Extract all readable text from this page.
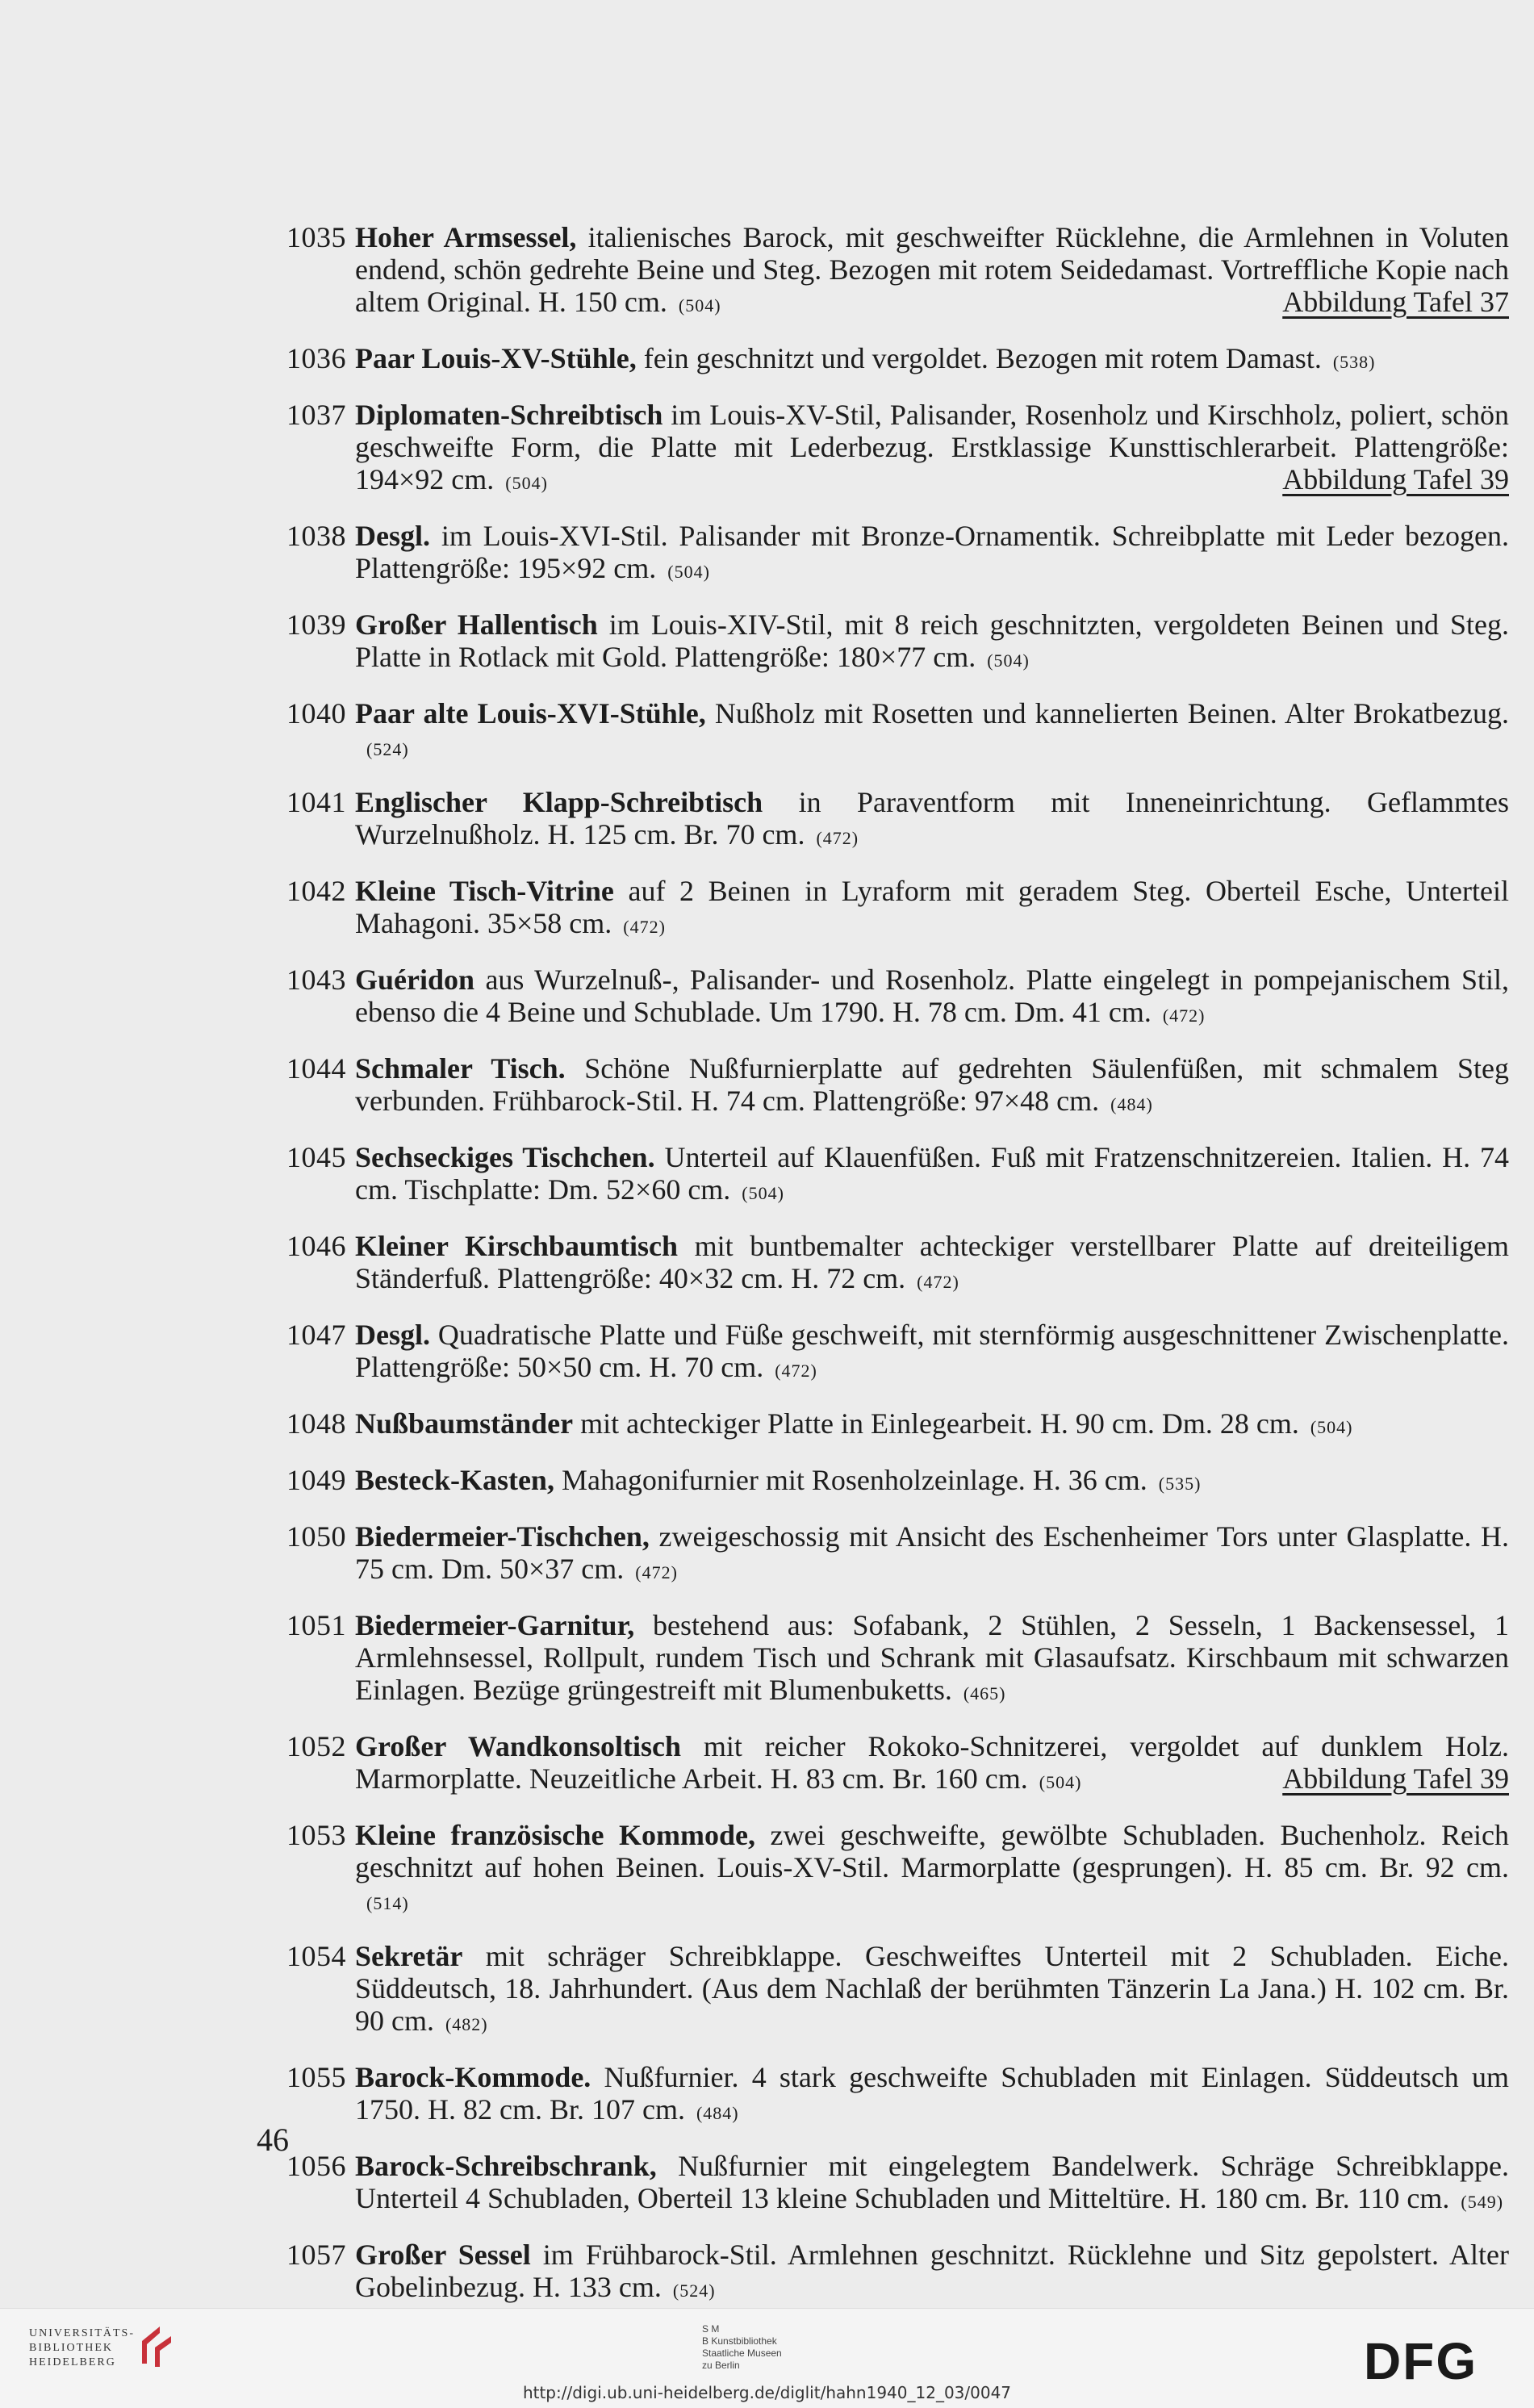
1035 Hoher Armsessel, italienisches Barock, mit geschweifter Rücklehne, die Armlehnen in Voluten endend, schön gedrehte Beine und Steg. Bezogen mit rotem Seidedamast. Vortreffliche Kopie nach altem Original. H. 150 cm. (504)	Abbildung Tafel 37
1036 Paar Louis-XV-Stühle, fein geschnitzt und vergoldet. Bezogen mit rotem Damast. (538)
1037 Diplomaten-Schreibtisch im Louis-XV-Stil, Palisander, Rosenholz und Kirschholz, poliert, schön geschweifte Form, die Platte mit Lederbezug. Erstklassige Kunsttischlerarbeit. Plattengröße: 194×92 cm. (504)	Abbildung Tafel 39
1038 Desgl. im Louis-XVI-Stil. Palisander mit Bronze-Ornamentik. Schreibplatte mit Leder bezogen. Plattengröße: 195×92 cm. (504)
1039 Großer Hallentisch im Louis-XIV-Stil, mit 8 reich geschnitzten, vergoldeten Beinen und Steg. Platte in Rotlack mit Gold. Plattengröße: 180×77 cm. (504)
1040 Paar alte Louis-XVI-Stühle, Nußholz mit Rosetten und kannelierten Beinen. Alter Brokatbezug.(524)
1041 Englischer Klapp-Schreibtisch in Paraventform mit Inneneinrichtung. Geflammtes Wurzelnußholz. H. 125 cm. Br. 70 cm. (472)
1042 Kleine Tisch-Vitrine auf 2 Beinen in Lyraform mit geradem Steg. Oberteil Esche, Unterteil Mahagoni. 35×58 cm. (472)
1043 Guéridon aus Wurzelnuß-, Palisander- und Rosenholz. Platte eingelegt in pompejanischem Stil, ebenso die 4 Beine und Schublade. Um 1790. H. 78 cm. Dm. 41 cm. (472)
1044 Schmaler Tisch. Schöne Nußfurnierplatte auf gedrehten Säulenfüßen, mit schmalem Steg verbunden. Frühbarock-Stil. H. 74 cm. Plattengröße: 97×48 cm. (484)
1045 Sechseckiges Tischchen. Unterteil auf Klauenfüßen. Fuß mit Fratzenschnitzereien. Italien. H. 74 cm. Tischplatte: Dm. 52×60 cm. (504)
1046 Kleiner Kirschbaumtisch mit buntbemalter achteckiger verstellbarer Platte auf dreiteiligem Ständerfuß. Plattengröße: 40×32 cm. H. 72 cm. (472)
1047 Desgl. Quadratische Platte und Füße geschweift, mit sternförmig ausgeschnittener Zwischenplatte. Plattengröße: 50×50 cm. H. 70 cm. (472)
1048 Nußbaumständer mit achteckiger Platte in Einlegearbeit. H. 90 cm. Dm. 28 cm. (504)
1049 Besteck-Kasten, Mahagonifurnier mit Rosenholzeinlage. H. 36 cm. (535)
1050 Biedermeier-Tischchen, zweigeschossig mit Ansicht des Eschenheimer Tors unter Glasplatte. H. 75 cm. Dm. 50×37 cm. (472)
1051 Biedermeier-Garnitur, bestehend aus: Sofabank, 2 Stühlen, 2 Sesseln, 1 Backensessel, 1 Armlehnsessel, Rollpult, rundem Tisch und Schrank mit Glasaufsatz. Kirschbaum mit schwarzen Einlagen. Bezüge grüngestreift mit Blumenbuketts. (465)
1052 Großer Wandkonsoltisch mit reicher Rokoko-Schnitzerei, vergoldet auf dunklem Holz. Marmorplatte. Neuzeitliche Arbeit. H. 83 cm. Br. 160 cm. (504)	Abbildung Tafel 39
1053 Kleine französische Kommode, zwei geschweifte, gewölbte Schubladen. Buchenholz. Reich geschnitzt auf hohen Beinen. Louis-XV-Stil. Marmorplatte (gesprungen). H. 85 cm. Br. 92 cm.(514)
1054 Sekretär mit schräger Schreibklappe. Geschweiftes Unterteil mit 2 Schubladen. Eiche. Süddeutsch, 18. Jahrhundert. (Aus dem Nachlaß der berühmten Tänzerin La Jana.) H. 102 cm. Br. 90 cm. (482)
1055 Barock-Kommode. Nußfurnier. 4 stark geschweifte Schubladen mit Einlagen. Süddeutsch um 1750. H. 82 cm. Br. 107 cm. (484)
1056 Barock-Schreibschrank, Nußfurnier mit eingelegtem Bandelwerk. Schräge Schreibklappe. Unterteil 4 Schubladen, Oberteil 13 kleine Schubladen und Mitteltüre. H. 180 cm. Br. 110 cm. (549)
1057 Großer Sessel im Frühbarock-Stil. Armlehnen geschnitzt. Rücklehne und Sitz gepolstert. Alter Gobelinbezug. H. 133 cm. (524)
46
UNIVERSITÄTS-
BIBLIOTHEK
HEIDELBERG
S M
B Kunstbibliothek
Staatliche Museen
zu Berlin	DFG
http://digi.ub.uni-heidelberg.de/diglit/hahn1940_12_03/0047
